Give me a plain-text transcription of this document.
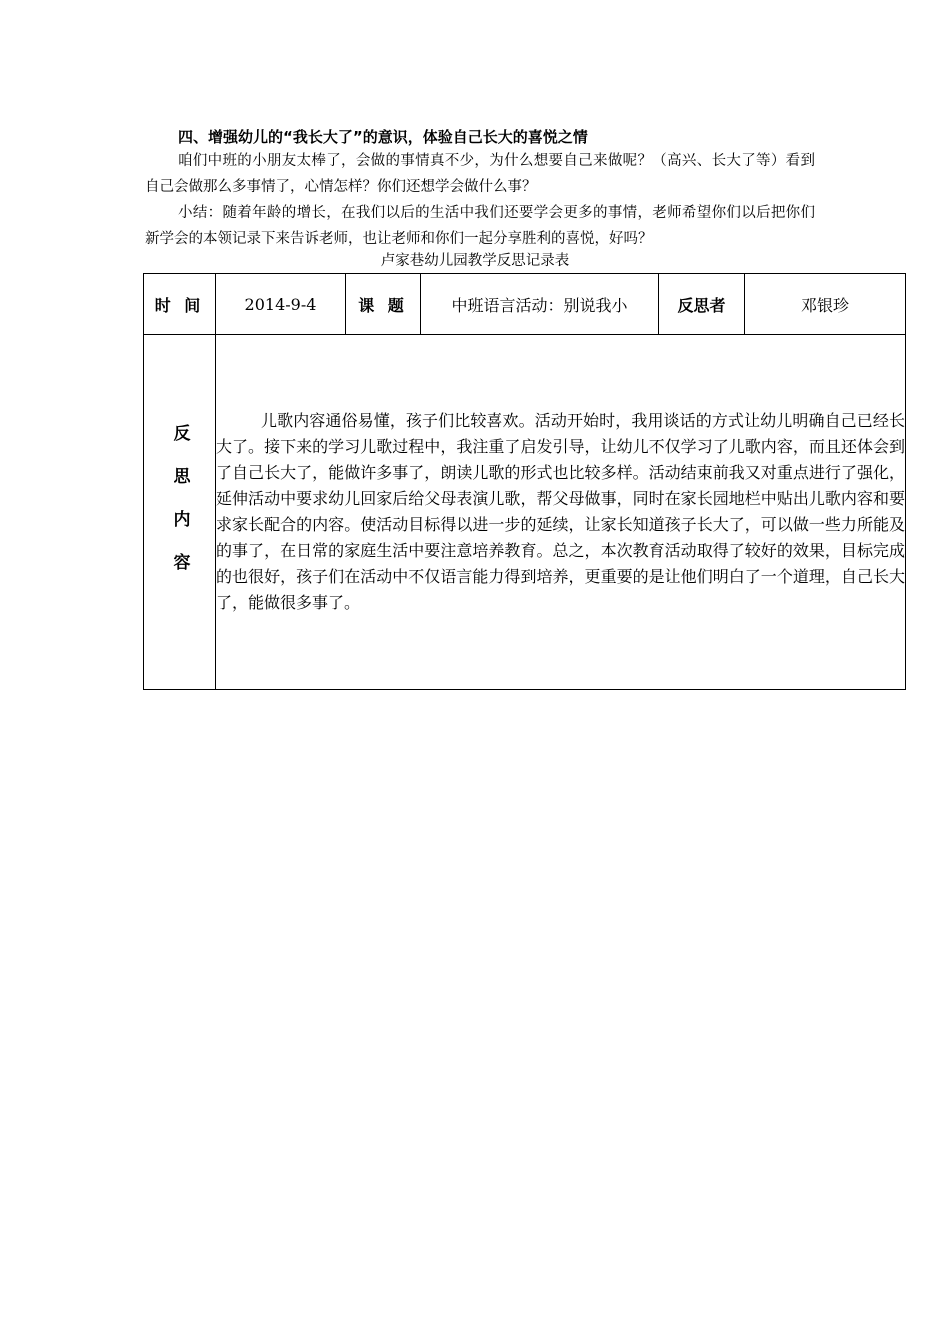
四、增强幼儿的“我长大了”的意识，体验自己长大的喜悦之情
咱们中班的小朋友太棒了，会做的事情真不少，为什么想要自己来做呢？（高兴、长大了等）看到自己会做那么多事情了，心情怎样？你们还想学会做什么事？
小结：随着年龄的增长，在我们以后的生活中我们还要学会更多的事情，老师希望你们以后把你们新学会的本领记录下来告诉老师，也让老师和你们一起分享胜利的喜悦，好吗？
卢家巷幼儿园教学反思记录表
时 间	2014-9-4	课 题	中班语言活动：别说我小	反思者	邓银珍
反思内容	儿歌内容通俗易懂，孩子们比较喜欢。活动开始时，我用谈话的方式让幼儿明确自己已经长大了。接下来的学习儿歌过程中，我注重了启发引导，让幼儿不仅学习了儿歌内容，而且还体会到了自己长大了，能做许多事了，朗读儿歌的形式也比较多样。活动结束前我又对重点进行了强化，延伸活动中要求幼儿回家后给父母表演儿歌，帮父母做事，同时在家长园地栏中贴出儿歌内容和要求家长配合的内容。使活动目标得以进一步的延续，让家长知道孩子长大了，可以做一些力所能及的事了，在日常的家庭生活中要注意培养教育。总之，本次教育活动取得了较好的效果，目标完成的也很好，孩子们在活动中不仅语言能力得到培养，更重要的是让他们明白了一个道理，自己长大了，能做很多事了。				
